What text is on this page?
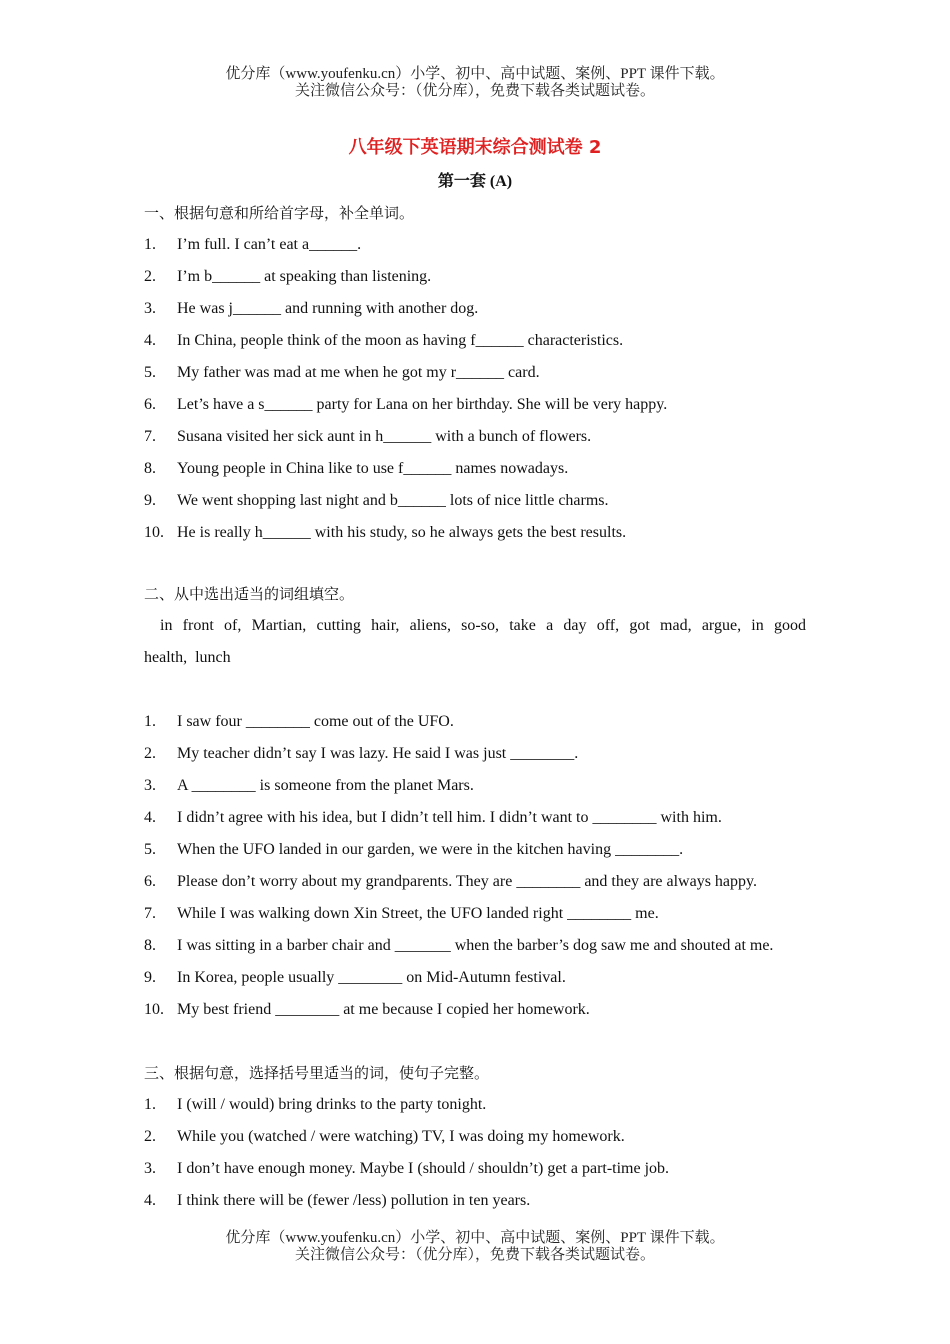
优分库（www.youfenku.cn）小学、初中、高中试题、案例、PPT 课件下载。
关注微信公众号：（优分库），免费下载各类试题试卷。
八年级下英语期末综合测试卷 2
第一套 (A)
一、根据句意和所给首字母，补全单词。
1.	I’m full. I can’t eat a______.
2.	I’m b______ at speaking than listening.
3.	He was j______ and running with another dog.
4.	In China, people think of the moon as having f______ characteristics.
5.	My father was mad at me when he got my r______ card.
6.	Let’s have a s______ party for Lana on her birthday. She will be very happy.
7.	Susana visited her sick aunt in h______ with a bunch of flowers.
8.	Young people in China like to use f______ names nowadays.
9.	We went shopping last night and b______ lots of nice little charms.
10. He is really h______ with his study, so he always gets the best results.
二、从中选出适当的词组填空。
in front of, Martian, cutting hair, aliens, so-so, take a day off, got mad, argue, in good health, lunch
1.	I saw four ________ come out of the UFO.
2.	My teacher didn’t say I was lazy. He said I was just ________.
3.	A ________ is someone from the planet Mars.
4.	I didn’t agree with his idea, but I didn’t tell him. I didn’t want to ________ with him.
5.	When the UFO landed in our garden, we were in the kitchen having ________.
6.	Please don’t worry about my grandparents. They are ________ and they are always happy.
7.	While I was walking down Xin Street, the UFO landed right ________ me.
8.	I was sitting in a barber chair and _______ when the barber’s dog saw me and shouted at me.
9.	In Korea, people usually ________ on Mid-Autumn festival.
10. My best friend ________ at me because I copied her homework.
三、根据句意，选择括号里适当的词，使句子完整。
1.	I (will / would) bring drinks to the party tonight.
2.	While you (watched / were watching) TV, I was doing my homework.
3.	I don’t have enough money. Maybe I (should / shouldn’t) get a part-time job.
4.	I think there will be (fewer /less) pollution in ten years.
优分库（www.youfenku.cn）小学、初中、高中试题、案例、PPT 课件下载。
关注微信公众号：（优分库），免费下载各类试题试卷。
